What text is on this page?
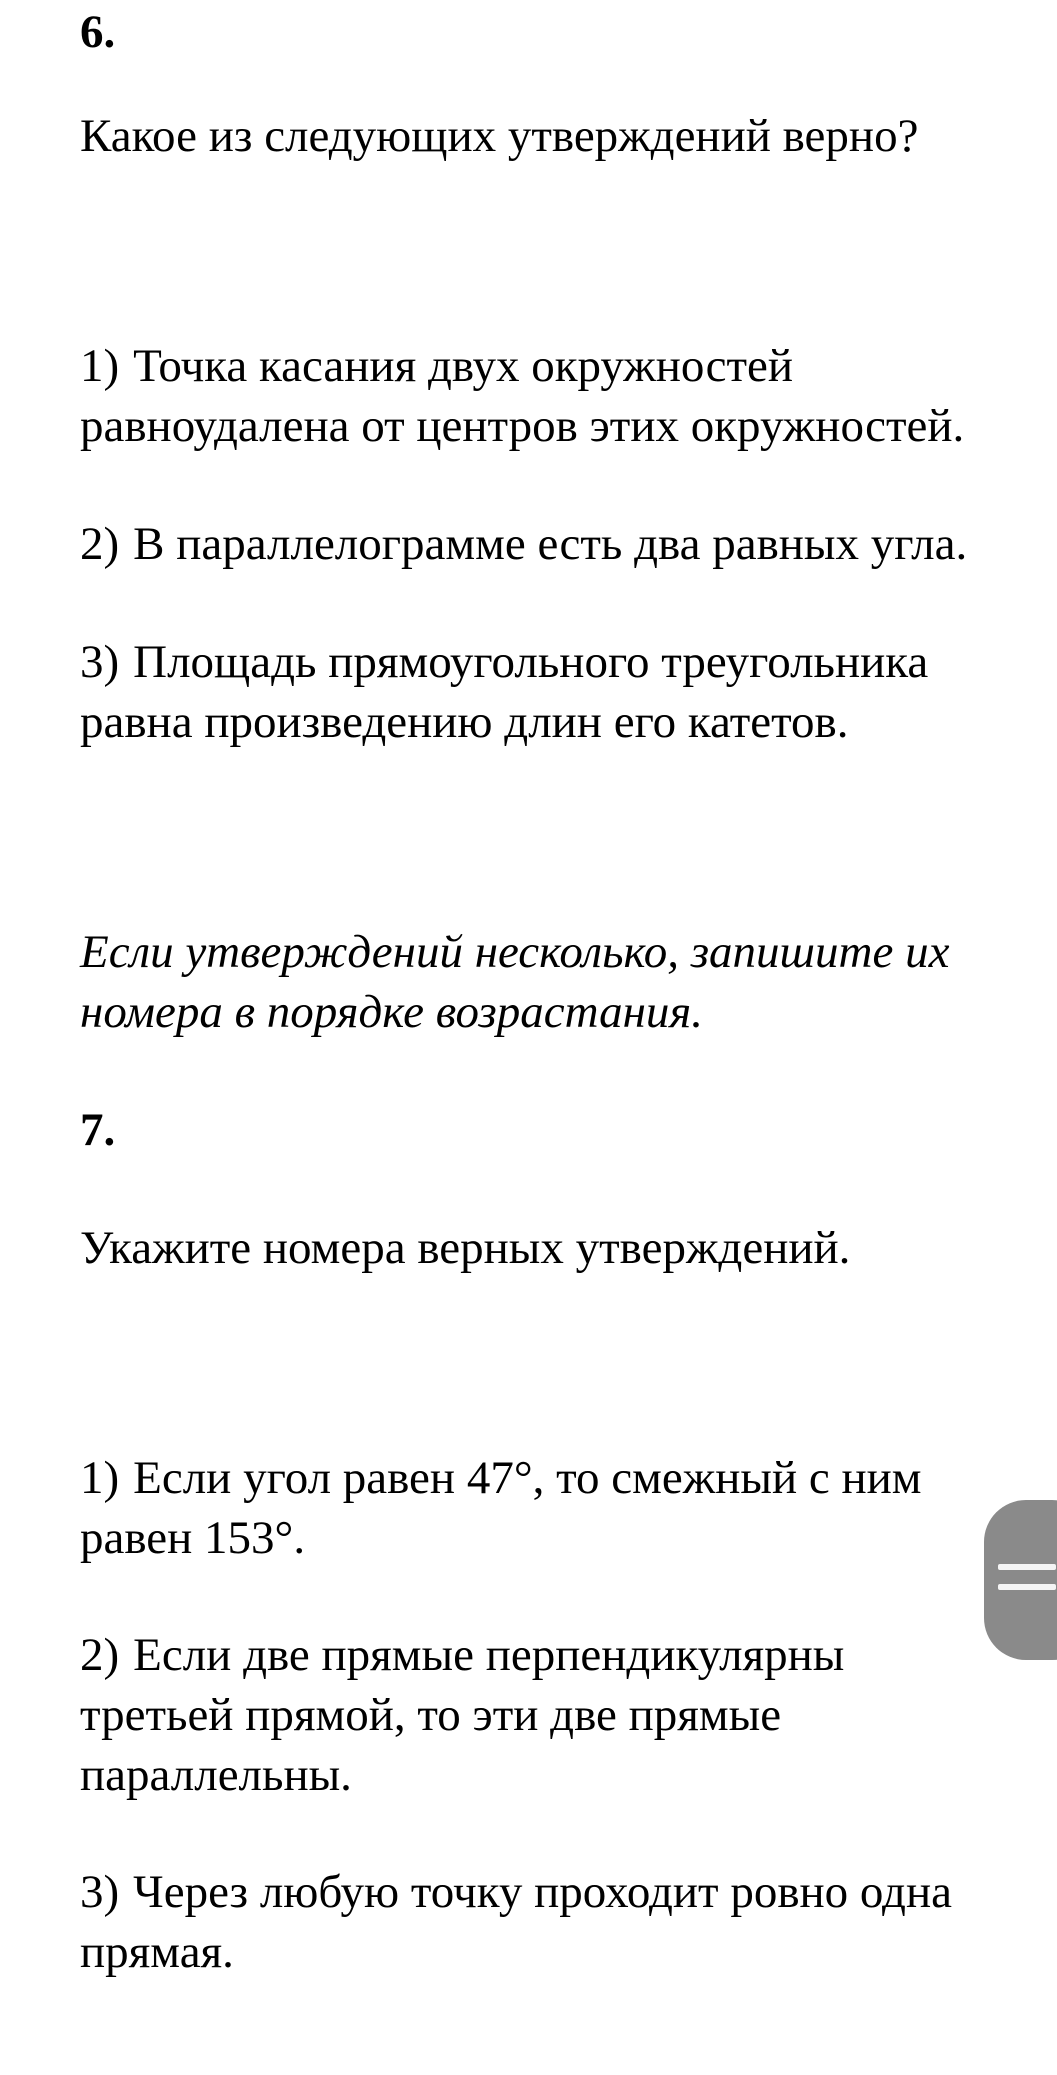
6.
Какое из следующих утверждений верно?
1) Точка касания двух окружностей
равноудалена от центров этих окружностей.
2) В параллелограмме есть два равных угла.
3) Площадь прямоугольного треугольника
равна произведению длин его катетов.
Если утверждений несколько, запишите их
номера в порядке возрастания.
7.
Укажите номера верных утверждений.
1) Если угол равен 47°, то смежный с ним
равен 153°.
2) Если две прямые перпендикулярны
третьей прямой, то эти две прямые
параллельны.
3) Через любую точку проходит ровно одна
прямая.
